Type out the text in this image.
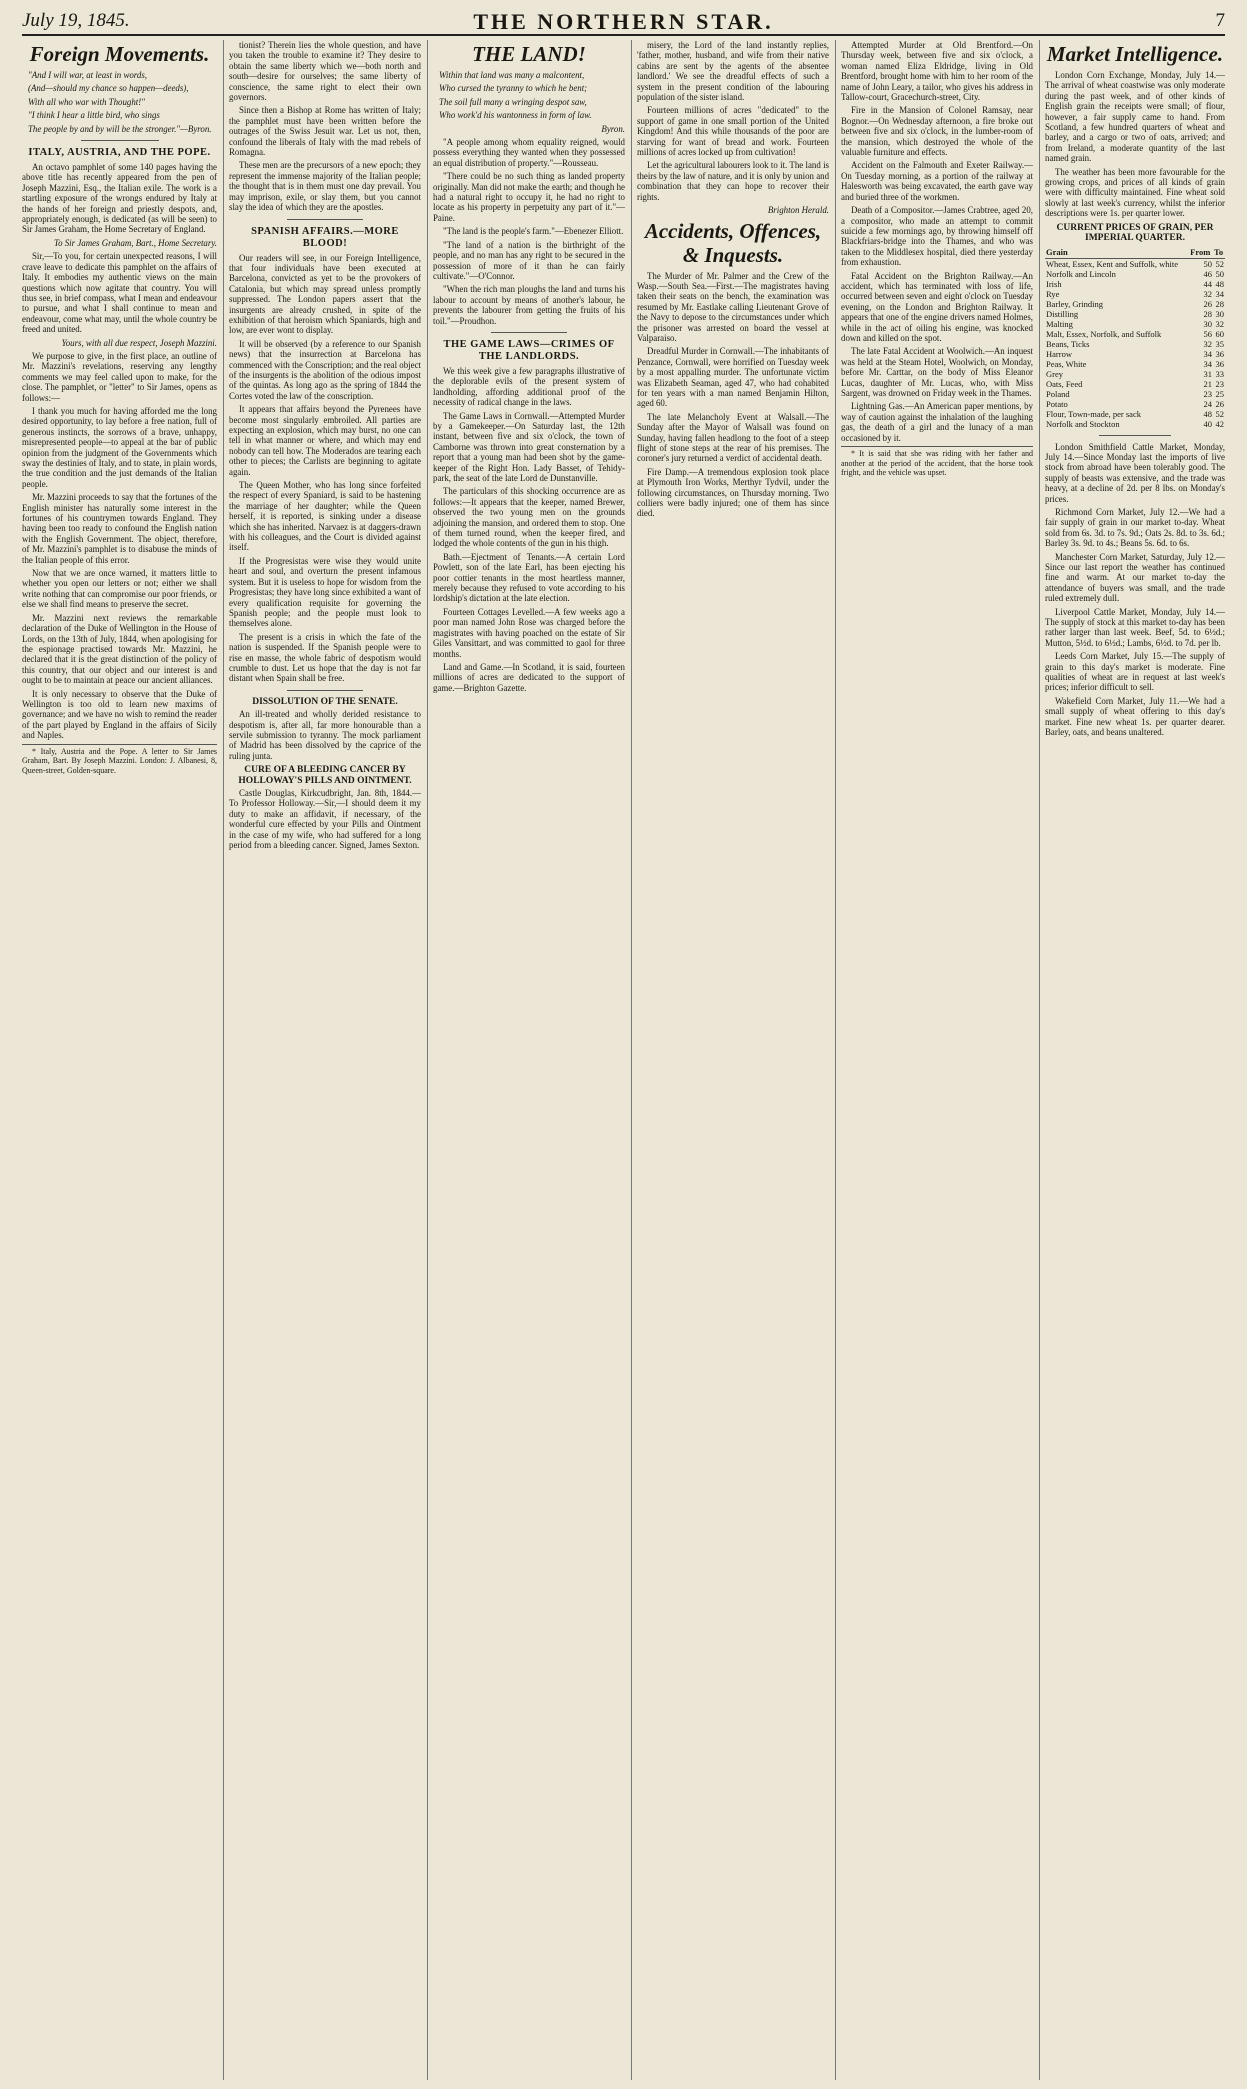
July 19, 1845.	THE NORTHERN STAR.	7
Foreign Movements.

"And I will war, at least in words,

(And—should my chance so happen—deeds),

With all who war with Thought!"

"I think I hear a little bird, who sings

The people by and by will be the stronger."—Byron.

ITALY, AUSTRIA, AND THE POPE.

An octavo pamphlet of some 140 pages having the above title has recently appeared from the pen of Joseph Mazzini, Esq., the Italian exile. The work is a startling exposure of the wrongs endured by Italy at the hands of her foreign and priestly despots, and, appropriately enough, is dedicated (as will be seen) to Sir James Graham, the Home Secretary of England.

To Sir James Graham, Bart., Home Secretary.

Sir,—To you, for certain unexpected reasons, I will crave leave to dedicate this pamphlet on the affairs of Italy. It embodies my authentic views on the main questions which now agitate that country. You will thus see, in brief compass, what I mean and endeavour to pursue, and what I shall continue to mean and endeavour, come what may, until the whole country be freed and united.

Yours, with all due respect, Joseph Mazzini.

We purpose to give, in the first place, an outline of Mr. Mazzini's revelations, reserving any lengthy comments we may feel called upon to make, for the close. The pamphlet, or "letter" to Sir James, opens as follows:—

I thank you much for having afforded me the long desired opportunity, to lay before a free nation, full of generous instincts, the sorrows of a brave, unhappy, misrepresented people—to appeal at the bar of public opinion from the judgment of the Governments which sway the destinies of Italy, and to state, in plain words, the true condition and the just demands of the Italian people.

Mr. Mazzini proceeds to say that the fortunes of the English minister has naturally some interest in the fortunes of his countrymen towards England. They having been too ready to confound the English nation with the English Government. The object, therefore, of Mr. Mazzini's pamphlet is to disabuse the minds of the Italian people of this error.

Now that we are once warned, it matters little to whether you open our letters or not; either we shall write nothing that can compromise our poor friends, or else we shall find means to preserve the secret.

Mr. Mazzini next reviews the remarkable declaration of the Duke of Wellington in the House of Lords, on the 13th of July, 1844, when apologising for the espionage practised towards Mr. Mazzini, he declared that it is the great distinction of the policy of this country, that our object and our interest is and ought to be to maintain at peace our ancient alliances.

It is only necessary to observe that the Duke of Wellington is too old to learn new maxims of governance; and we have no wish to remind the reader of the part played by England in the affairs of Sicily and Naples.

* Italy, Austria and the Pope. A letter to Sir James Graham, Bart. By Joseph Mazzini. London: J. Albanesi, 8, Queen-street, Golden-square.

tionist? Therein lies the whole question, and have you taken the trouble to examine it? They desire to obtain the same liberty which we—both north and south—desire for ourselves; the same liberty of conscience, the same right to elect their own governors.

Since then a Bishop at Rome has written of Italy; the pamphlet must have been written before the outrages of the Swiss Jesuit war. Let us not, then, confound the liberals of Italy with the mad rebels of Romagna.

These men are the precursors of a new epoch; they represent the immense majority of the Italian people; the thought that is in them must one day prevail. You may imprison, exile, or slay them, but you cannot slay the idea of which they are the apostles.

SPANISH AFFAIRS.—MORE BLOOD!

Our readers will see, in our Foreign Intelligence, that four individuals have been executed at Barcelona, convicted as yet to be the provokers of Catalonia, but which may spread unless promptly suppressed. The London papers assert that the insurgents are already crushed, in spite of the exhibition of that heroism which Spaniards, high and low, are ever wont to display.

It will be observed (by a reference to our Spanish news) that the insurrection at Barcelona has commenced with the Conscription; and the real object of the insurgents is the abolition of the odious impost of the quintas. As long ago as the spring of 1844 the Cortes voted the law of the conscription.

It appears that affairs beyond the Pyrenees have become most singularly embroiled. All parties are expecting an explosion, which may burst, no one can tell in what manner or where, and which may end nobody can tell how. The Moderados are tearing each other to pieces; the Carlists are beginning to agitate again.

The Queen Mother, who has long since forfeited the respect of every Spaniard, is said to be hastening the marriage of her daughter; while the Queen herself, it is reported, is sinking under a disease which she has inherited. Narvaez is at daggers-drawn with his colleagues, and the Court is divided against itself.

If the Progresistas were wise they would unite heart and soul, and overturn the present infamous system. But it is useless to hope for wisdom from the Progresistas; they have long since exhibited a want of every qualification requisite for governing the Spanish people; and the people must look to themselves alone.

The present is a crisis in which the fate of the nation is suspended. If the Spanish people were to rise en masse, the whole fabric of despotism would crumble to dust. Let us hope that the day is not far distant when Spain shall be free.

DISSOLUTION OF THE SENATE.

An ill-treated and wholly derided resistance to despotism is, after all, far more honourable than a servile submission to tyranny. The mock parliament of Madrid has been dissolved by the caprice of the ruling junta.

CURE OF A BLEEDING CANCER BY HOLLOWAY'S PILLS AND OINTMENT.

Castle Douglas, Kirkcudbright, Jan. 8th, 1844.—To Professor Holloway.—Sir,—I should deem it my duty to make an affidavit, if necessary, of the wonderful cure effected by your Pills and Ointment in the case of my wife, who had suffered for a long period from a bleeding cancer. Signed, James Sexton.

THE LAND!

Within that land was many a malcontent,

Who cursed the tyranny to which he bent;

The soil full many a wringing despot saw,

Who work'd his wantonness in form of law.

Byron.

"A people among whom equality reigned, would possess everything they wanted when they possessed an equal distribution of property."—Rousseau.

"There could be no such thing as landed property originally. Man did not make the earth; and though he had a natural right to occupy it, he had no right to locate as his property in perpetuity any part of it."—Paine.

"The land is the people's farm."—Ebenezer Elliott.

"The land of a nation is the birthright of the people, and no man has any right to be secured in the possession of more of it than he can fairly cultivate."—O'Connor.

"When the rich man ploughs the land and turns his labour to account by means of another's labour, he prevents the labourer from getting the fruits of his toil."—Proudhon.

THE GAME LAWS—CRIMES OF THE LANDLORDS.

We this week give a few paragraphs illustrative of the deplorable evils of the present system of landholding, affording additional proof of the necessity of radical change in the laws.

The Game Laws in Cornwall.—Attempted Murder by a Gamekeeper.—On Saturday last, the 12th instant, between five and six o'clock, the town of Camborne was thrown into great consternation by a report that a young man had been shot by the game-keeper of the Right Hon. Lady Basset, of Tehidy-park, the seat of the late Lord de Dunstanville.

The particulars of this shocking occurrence are as follows:—It appears that the keeper, named Brewer, observed the two young men on the grounds adjoining the mansion, and ordered them to stop. One of them turned round, when the keeper fired, and lodged the whole contents of the gun in his thigh.

Bath.—Ejectment of Tenants.—A certain Lord Powlett, son of the late Earl, has been ejecting his poor cottier tenants in the most heartless manner, merely because they refused to vote according to his lordship's dictation at the late election.

Fourteen Cottages Levelled.—A few weeks ago a poor man named John Rose was charged before the magistrates with having poached on the estate of Sir Giles Vansittart, and was committed to gaol for three months.

Land and Game.—In Scotland, it is said, fourteen millions of acres are dedicated to the support of game.—Brighton Gazette.

misery, the Lord of the land instantly replies, 'father, mother, husband, and wife from their native cabins are sent by the agents of the absentee landlord.' We see the dreadful effects of such a system in the present condition of the labouring population of the sister island.

Fourteen millions of acres "dedicated" to the support of game in one small portion of the United Kingdom! And this while thousands of the poor are starving for want of bread and work. Fourteen millions of acres locked up from cultivation!

Let the agricultural labourers look to it. The land is theirs by the law of nature, and it is only by union and combination that they can hope to recover their rights.

Brighton Herald.

Accidents, Offences, & Inquests.

The Murder of Mr. Palmer and the Crew of the Wasp.—South Sea.—First.—The magistrates having taken their seats on the bench, the examination was resumed by Mr. Eastlake calling Lieutenant Grove of the Navy to depose to the circumstances under which the prisoner was arrested on board the vessel at Valparaiso.

Dreadful Murder in Cornwall.—The inhabitants of Penzance, Cornwall, were horrified on Tuesday week by a most appalling murder. The unfortunate victim was Elizabeth Seaman, aged 47, who had cohabited for ten years with a man named Benjamin Hilton, aged 60.

The late Melancholy Event at Walsall.—The Sunday after the Mayor of Walsall was found on Sunday, having fallen headlong to the foot of a steep flight of stone steps at the rear of his premises. The coroner's jury returned a verdict of accidental death.

Fire Damp.—A tremendous explosion took place at Plymouth Iron Works, Merthyr Tydvil, under the following circumstances, on Thursday morning. Two colliers were badly injured; one of them has since died.

Attempted Murder at Old Brentford.—On Thursday week, between five and six o'clock, a woman named Eliza Eldridge, living in Old Brentford, brought home with him to her room of the name of John Leary, a tailor, who gives his address in Tallow-court, Gracechurch-street, City.

Fire in the Mansion of Colonel Ramsay, near Bognor.—On Wednesday afternoon, a fire broke out between five and six o'clock, in the lumber-room of the mansion, which destroyed the whole of the valuable furniture and effects.

Accident on the Falmouth and Exeter Railway.—On Tuesday morning, as a portion of the railway at Halesworth was being excavated, the earth gave way and buried three of the workmen.

Death of a Compositor.—James Crabtree, aged 20, a compositor, who made an attempt to commit suicide a few mornings ago, by throwing himself off Blackfriars-bridge into the Thames, and who was taken to the Middlesex hospital, died there yesterday from exhaustion.

Fatal Accident on the Brighton Railway.—An accident, which has terminated with loss of life, occurred between seven and eight o'clock on Tuesday evening, on the London and Brighton Railway. It appears that one of the engine drivers named Holmes, while in the act of oiling his engine, was knocked down and killed on the spot.

The late Fatal Accident at Woolwich.—An inquest was held at the Steam Hotel, Woolwich, on Monday, before Mr. Carttar, on the body of Miss Eleanor Lucas, daughter of Mr. Lucas, who, with Miss Sargent, was drowned on Friday week in the Thames.

Lightning Gas.—An American paper mentions, by way of caution against the inhalation of the laughing gas, the death of a girl and the lunacy of a man occasioned by it.

* It is said that she was riding with her father and another at the period of the accident, that the horse took fright, and the vehicle was upset.

Market Intelligence.

London Corn Exchange, Monday, July 14.—The arrival of wheat coastwise was only moderate during the past week, and of other kinds of English grain the receipts were small; of flour, however, a fair supply came to hand. From Scotland, a few hundred quarters of wheat and barley, and a cargo or two of oats, arrived; and from Ireland, a moderate quantity of the last named grain.

The weather has been more favourable for the growing crops, and prices of all kinds of grain were with difficulty maintained. Fine wheat sold slowly at last week's currency, whilst the inferior descriptions were 1s. per quarter lower.

CURRENT PRICES OF GRAIN, PER IMPERIAL QUARTER.
Grain	From	To
Wheat, Essex, Kent and Suffolk, white	50	52
Norfolk and Lincoln	46	50
Irish	44	48
Rye	32	34
Barley, Grinding	26	28
Distilling	28	30
Malting	30	32
Malt, Essex, Norfolk, and Suffolk	56	60
Beans, Ticks	32	35
Harrow	34	36
Peas, White	34	36
Grey	31	33
Oats, Feed	21	23
Poland	23	25
Potato	24	26
Flour, Town-made, per sack	48	52
Norfolk and Stockton	40	42

London Smithfield Cattle Market, Monday, July 14.—Since Monday last the imports of live stock from abroad have been tolerably good. The supply of beasts was extensive, and the trade was heavy, at a decline of 2d. per 8 lbs. on Monday's prices.

Richmond Corn Market, July 12.—We had a fair supply of grain in our market to-day. Wheat sold from 6s. 3d. to 7s. 9d.; Oats 2s. 8d. to 3s. 6d.; Barley 3s. 9d. to 4s.; Beans 5s. 6d. to 6s.

Manchester Corn Market, Saturday, July 12.—Since our last report the weather has continued fine and warm. At our market to-day the attendance of buyers was small, and the trade ruled extremely dull.

Liverpool Cattle Market, Monday, July 14.—The supply of stock at this market to-day has been rather larger than last week. Beef, 5d. to 6½d.; Mutton, 5½d. to 6½d.; Lambs, 6½d. to 7d. per lb.

Leeds Corn Market, July 15.—The supply of grain to this day's market is moderate. Fine qualities of wheat are in request at last week's prices; inferior difficult to sell.

Wakefield Corn Market, July 11.—We had a small supply of wheat offering to this day's market. Fine new wheat 1s. per quarter dearer. Barley, oats, and beans unaltered.
